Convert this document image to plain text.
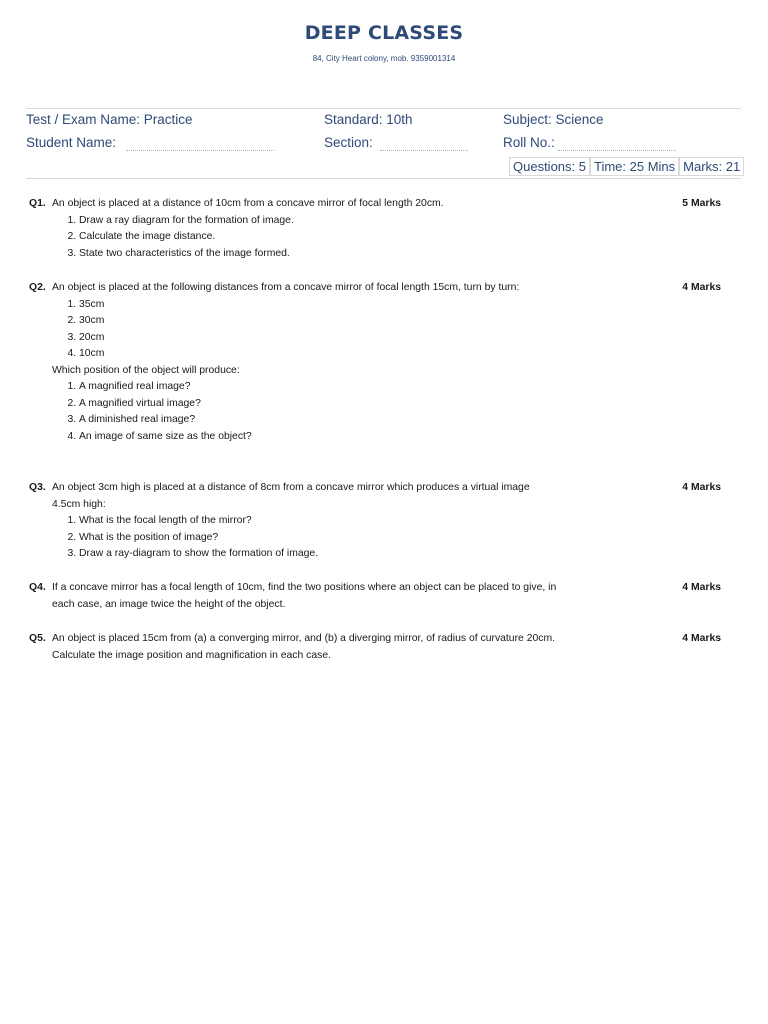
DEEP CLASSES
84, City Heart colony, mob. 9359001314
Test / Exam Name: Practice	Standard: 10th	Subject: Science
Student Name:	Section:	Roll No.:
Questions: 5 Time: 25 Mins Marks: 21
Q1.	5 Marks
An object is placed at a distance of 10cm from a concave mirror of focal length 20cm.
1. Draw a ray diagram for the formation of image.
2. Calculate the image distance.
3. State two characteristics of the image formed.
Q2.	4 Marks
An object is placed at the following distances from a concave mirror of focal length 15cm, turn by turn:
1. 35cm
2. 30cm
3. 20cm
4. 10cm
Which position of the object will produce:
1. A magnified real image?
2. A magnified virtual image?
3. A diminished real image?
4. An image of same size as the object?
Q3.	4 Marks
An object 3cm high is placed at a distance of 8cm from a concave mirror which produces a virtual image 4.5cm high:
1. What is the focal length of the mirror?
2. What is the position of image?
3. Draw a ray-diagram to show the formation of image.
Q4.	4 Marks
If a concave mirror has a focal length of 10cm, find the two positions where an object can be placed to give, in each case, an image twice the height of the object.
Q5.	4 Marks
An object is placed 15cm from (a) a converging mirror, and (b) a diverging mirror, of radius of curvature 20cm. Calculate the image position and magnification in each case.
